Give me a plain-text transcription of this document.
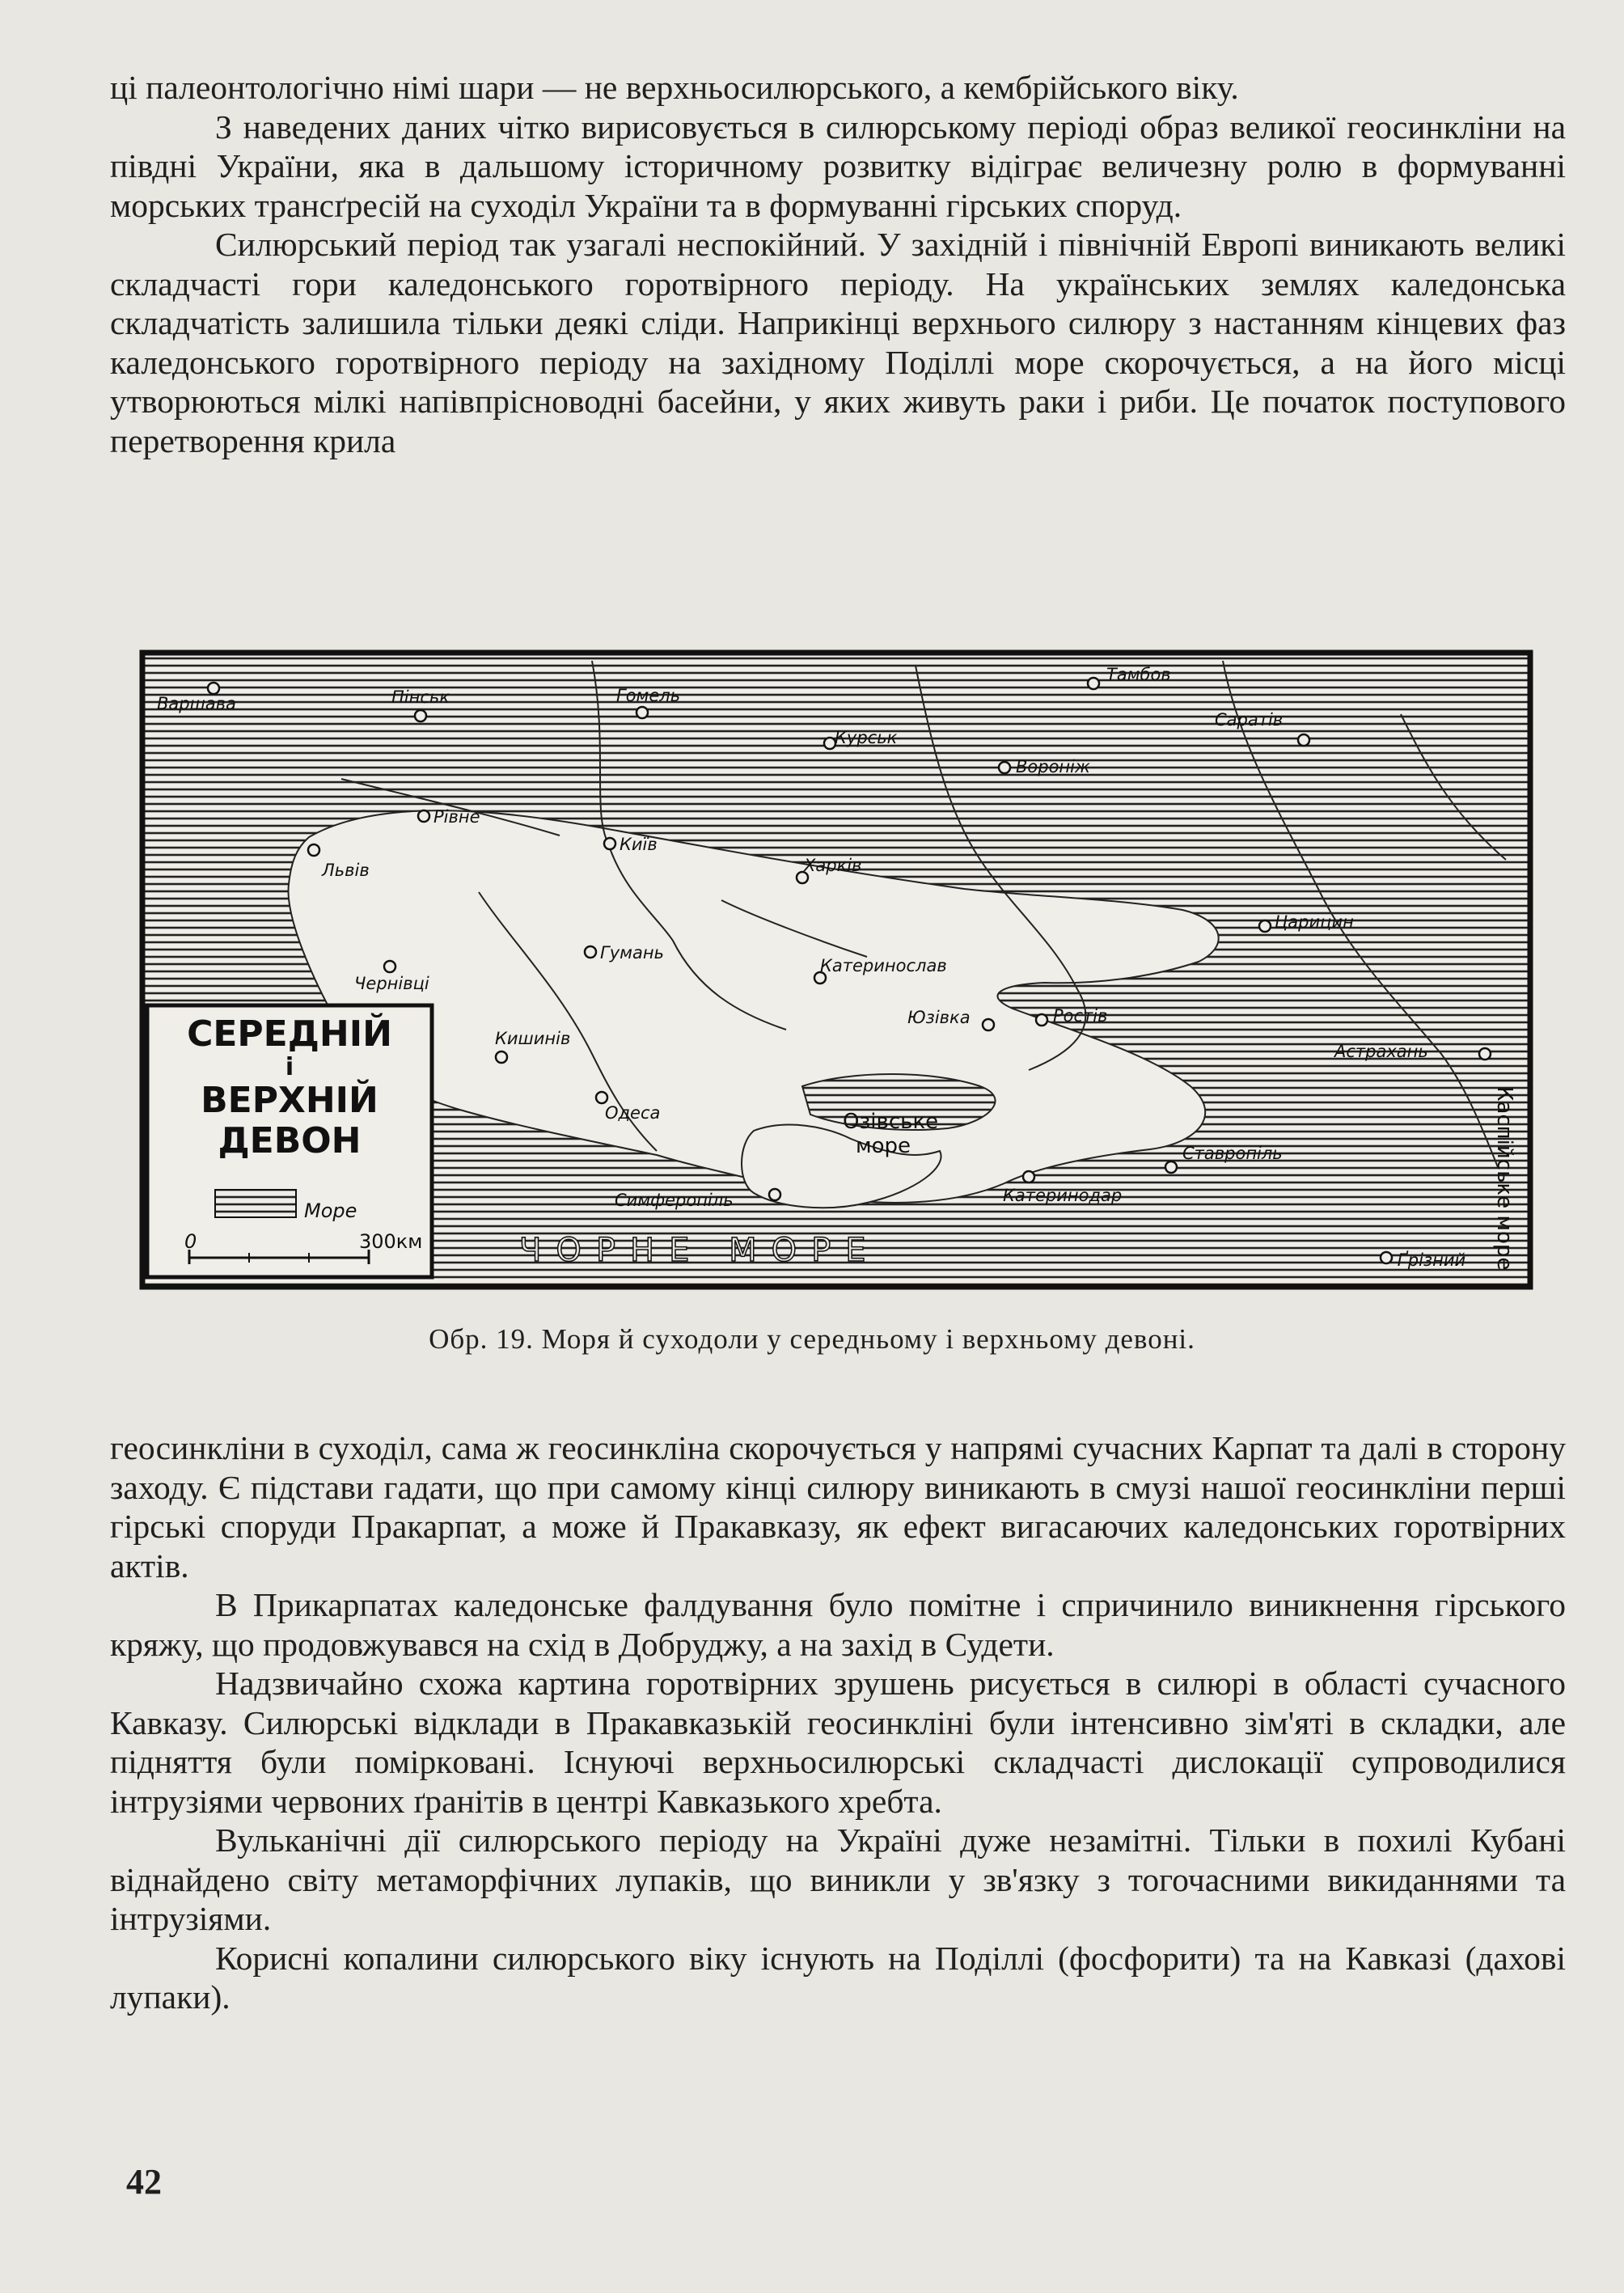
ці палеонтологічно німі шари — не верхньосилюрського, а кембрійського віку.

З наведених даних чітко вирисовується в силюрському періоді образ великої геосинкліни на півдні України, яка в дальшому історичному розвитку відіграє величезну ролю в формуванні морських трансґресій на суходіл України та в формуванні гірських споруд.

Силюрський період так узагалі неспокійний. У західній і північній Европі виникають великі складчасті гори каледонського горотвірного періоду. На українських землях каледонська складчатість залишила тільки деякі сліди. Наприкінці верхнього силюру з настанням кінцевих фаз каледонського горотвірного періоду на західному Поділлі море скорочується, а на його місці утворюються мілкі напівпрісноводні басейни, у яких живуть раки і риби. Це початок поступового перетворення крила

СЕРЕДНІЙ
і
ВЕРХНІЙ
ДЕВОН
Море
0	300км	ЧОРНЕ МОРЕ
Озівське
море	Каспійське море
Варшава	Пінськ	Гомель
Курськ
Тамбов
Саратів
Вороніж
Рівне
Київ
Львів	Харків
Царицин
Чернівці
Гумань
Катеринослав
Юзівка	Ростів
Кишинів
Астрахань
Одеса
Ставропіль
Симферопіль	Катеринодар
Ґрізний
Обр. 19. Моря й суходоли у середньому і верхньому девоні.

геосинкліни в суходіл, сама ж геосинкліна скорочується у напрямі сучасних Карпат та далі в сторону заходу. Є підстави гадати, що при самому кінці силюру виникають в смузі нашої геосинкліни перші гірські споруди Пракарпат, а може й Пракавказу, як ефект вигасаючих каледонських горотвірних актів.

В Прикарпатах каледонське фалдування було помітне і спричинило виникнення гірського кряжу, що продовжувався на схід в Добруджу, а на захід в Судети.

Надзвичайно схожа картина горотвірних зрушень рисується в силюрі в області сучасного Кавказу. Силюрські відклади в Пракавказькій геосинкліні були інтенсивно зім'яті в складки, але підняття були поміркoвані. Існуючі верхньосилюрські складчасті дислокації супроводилися інтрузіями червоних ґранітів в центрі Кавказького хребта.

Вульканічні дії силюрського періоду на Україні дуже незамітні. Тільки в похилі Кубані віднайдено світу метаморфічних лупаків, що виникли у зв'язку з тогочасними викиданнями та інтрузіями.

Корисні копалини силюрського віку існують на Поділлі (фосфорити) та на Кавказі (дахові лупаки).

42
